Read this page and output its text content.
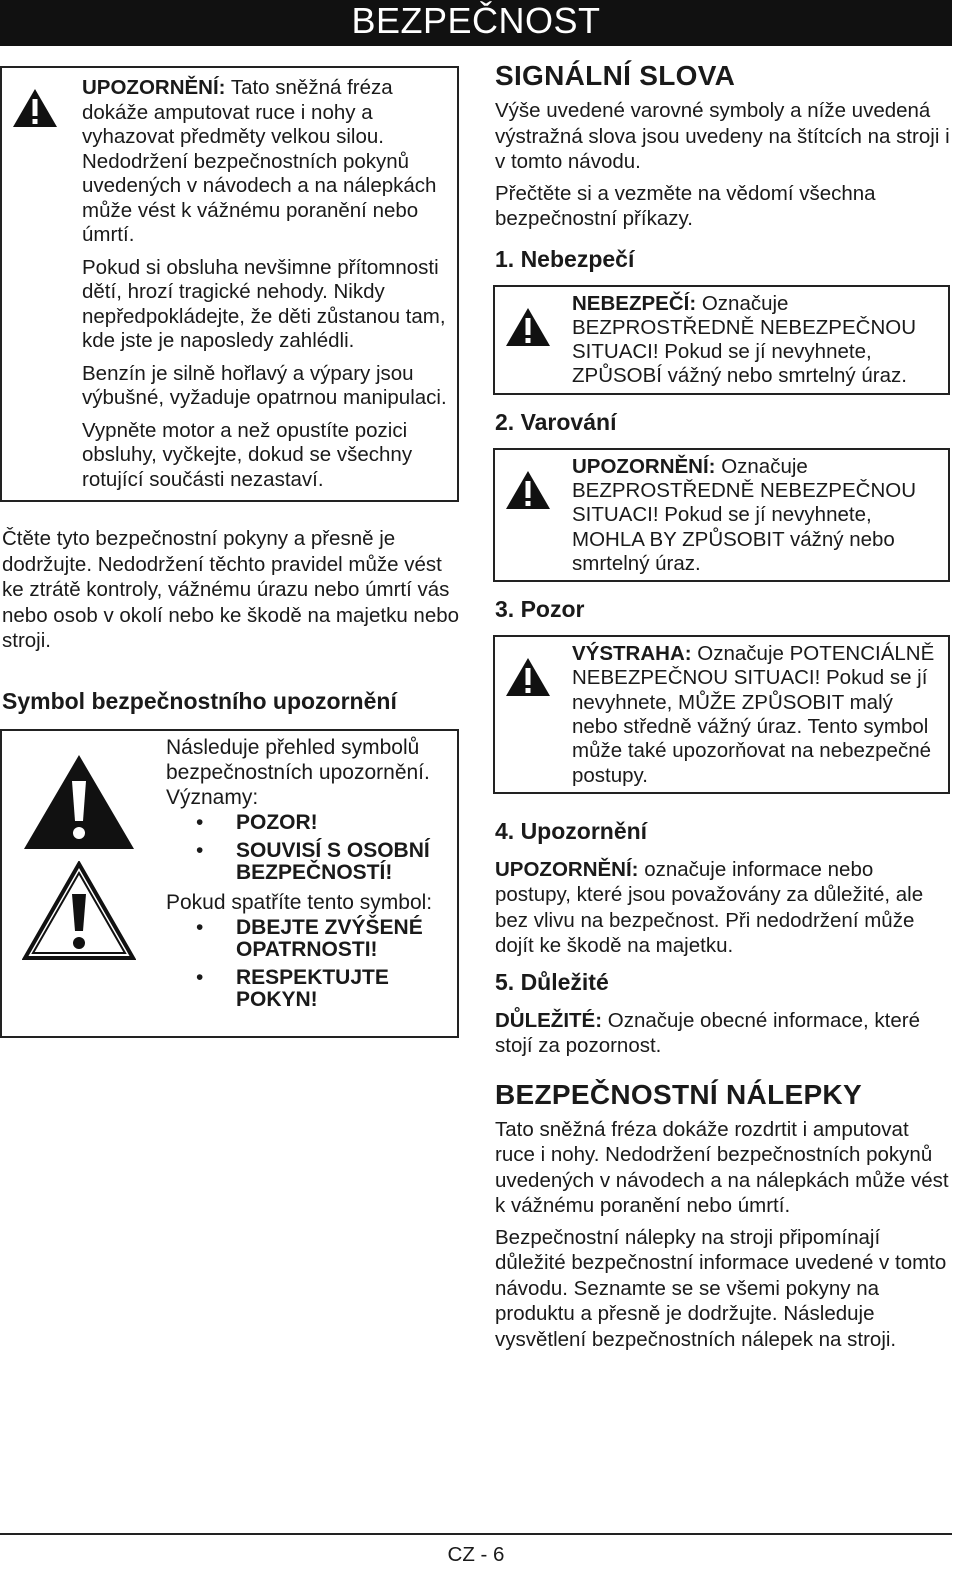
BEZPEČNOST

UPOZORNĚNÍ: Tato sněžná fréza dokáže amputovat ruce i nohy a vyhazovat předměty velkou silou. Nedodržení bezpečnostních pokynů uvedených v návodech a na nálepkách může vést k vážnému poranění nebo úmrtí.

Pokud si obsluha nevšimne přítomnosti dětí, hrozí tragické nehody. Nikdy nepředpokládejte, že děti zůstanou tam, kde jste je naposledy zahlédli.

Benzín je silně hořlavý a výpary jsou výbušné, vyžaduje opatrnou manipulaci.

Vypněte motor a než opustíte pozici obsluhy, vyčkejte, dokud se všechny rotující součásti nezastaví.

Čtěte tyto bezpečnostní pokyny a přesně je dodržujte. Nedodržení těchto pravidel může vést ke ztrátě kontroly, vážnému úrazu nebo úmrtí vás nebo osob v okolí nebo ke škodě na majetku nebo stroji.

Symbol bezpečnostního upozornění

Následuje přehled symbolů bezpečnostních upozornění. Významy:

• POZOR!
• SOUVISÍ S OSOBNÍ BEZPEČNOSTÍ!

Pokud spatříte tento symbol:

• DBEJTE ZVÝŠENÉ OPATRNOSTI!
• RESPEKTUJTE POKYN!
SIGNÁLNÍ SLOVA

Výše uvedené varovné symboly a níže uvedená výstražná slova jsou uvedeny na štítcích na stroji i v tomto návodu.

Přečtěte si a vezměte na vědomí všechna bezpečnostní příkazy.

1. Nebezpečí

NEBEZPEČÍ: Označuje BEZPROSTŘEDNĚ NEBEZPEČNOU SITUACI! Pokud se jí nevyhnete, ZPŮSOBÍ vážný nebo smrtelný úraz.

2. Varování

UPOZORNĚNÍ: Označuje BEZPROSTŘEDNĚ NEBEZPEČNOU SITUACI! Pokud se jí nevyhnete, MOHLA BY ZPŮSOBIT vážný nebo smrtelný úraz.

3. Pozor

VÝSTRAHA: Označuje POTENCIÁLNĚ NEBEZPEČNOU SITUACI! Pokud se jí nevyhnete, MŮŽE ZPŮSOBIT malý nebo středně vážný úraz. Tento symbol může také upozorňovat na nebezpečné postupy.

4. Upozornění

UPOZORNĚNÍ: označuje informace nebo postupy, které jsou považovány za důležité, ale bez vlivu na bezpečnost. Při nedodržení může dojít ke škodě na majetku.

5. Důležité

DŮLEŽITÉ: Označuje obecné informace, které stojí za pozornost.

BEZPEČNOSTNÍ NÁLEPKY

Tato sněžná fréza dokáže rozdrtit i amputovat ruce i nohy. Nedodržení bezpečnostních pokynů uvedených v návodech a na nálepkách může vést k vážnému poranění nebo úmrtí.

Bezpečnostní nálepky na stroji připomínají důležité bezpečnostní informace uvedené v tomto návodu. Seznamte se se všemi pokyny na produktu a přesně je dodržujte. Následuje vysvětlení bezpečnostních nálepek na stroji.

CZ - 6
